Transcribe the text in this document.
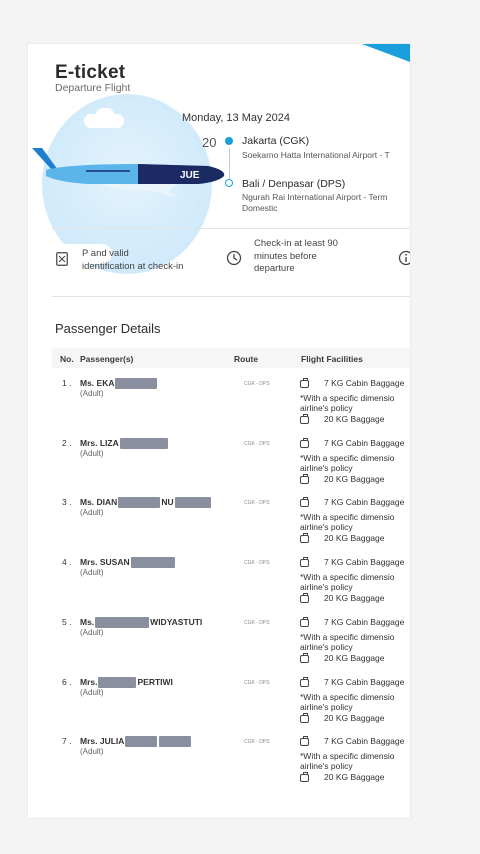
E-ticket
Departure Flight
Monday, 13 May 2024
20 Jakarta (CGK)
Soekarno Hatta International Airport - T
Bali / Denpasar (DPS)
Ngurah Rai International Airport - Term
Domestic
JUE
P and valid
identification at check-in
Check-in at least 90
minutes before
departure
Passenger Details
No. Passenger(s)	Route	Flight Facilities
1 . Ms. EKA
(Adult)
CGK - DPS	7 KG Cabin Baggage
*With a specific dimensio
airline's policy
20 KG Baggage
2 . Mrs. LIZA
(Adult)
CGK - DPS	7 KG Cabin Baggage
*With a specific dimensio
airline's policy
20 KG Baggage
3 . Ms. DIAN	NU
(Adult)
CGK - DPS	7 KG Cabin Baggage
*With a specific dimensio
airline's policy
20 KG Baggage
4 . Mrs. SUSAN
(Adult)
CGK - DPS	7 KG Cabin Baggage
*With a specific dimensio
airline's policy
20 KG Baggage
5 . Ms.	WIDYASTUTI
(Adult)
CGK - DPS	7 KG Cabin Baggage
*With a specific dimensio
airline's policy
20 KG Baggage
6 . Mrs.	PERTIWI
(Adult)
CGK - DPS	7 KG Cabin Baggage
*With a specific dimensio
airline's policy
20 KG Baggage
7 . Mrs. JULIA
(Adult)
CGK - DPS	7 KG Cabin Baggage
*With a specific dimensio
airline's policy
20 KG Baggage
